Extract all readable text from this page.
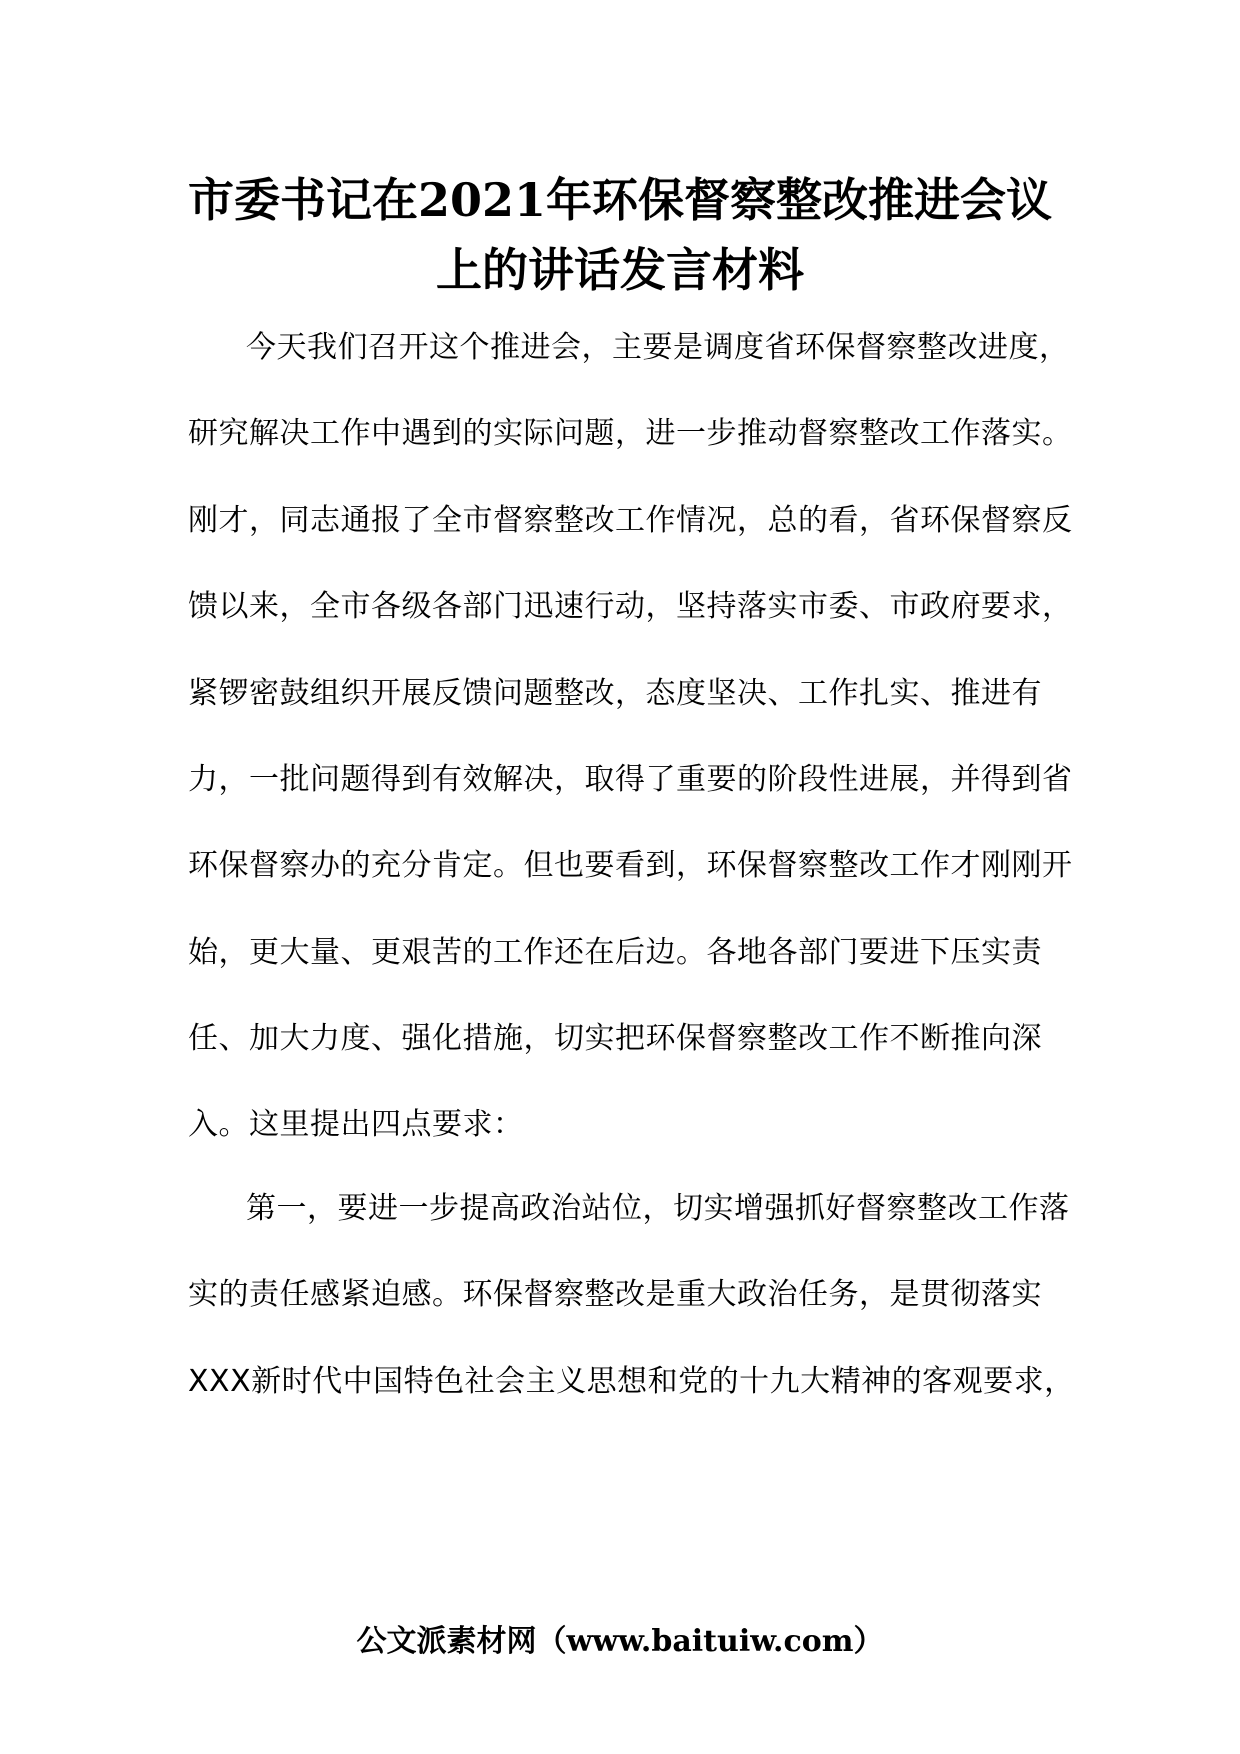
市委书记在2021年环保督察整改推进会议
上的讲话发言材料
今天我们召开这个推进会，主要是调度省环保督察整改进度，
研究解决工作中遇到的实际问题，进一步推动督察整改工作落实。
刚才，同志通报了全市督察整改工作情况，总的看，省环保督察反
馈以来，全市各级各部门迅速行动，坚持落实市委、市政府要求，
紧锣密鼓组织开展反馈问题整改，态度坚决、工作扎实、推进有
力，一批问题得到有效解决，取得了重要的阶段性进展，并得到省
环保督察办的充分肯定。但也要看到，环保督察整改工作才刚刚开
始，更大量、更艰苦的工作还在后边。各地各部门要进下压实责
任、加大力度、强化措施，切实把环保督察整改工作不断推向深
入。这里提出四点要求：
第一，要进一步提高政治站位，切实增强抓好督察整改工作落
实的责任感紧迫感。环保督察整改是重大政治任务，是贯彻落实
XXX新时代中国特色社会主义思想和党的十九大精神的客观要求，
公文派素材网（www.baituiw.com）
